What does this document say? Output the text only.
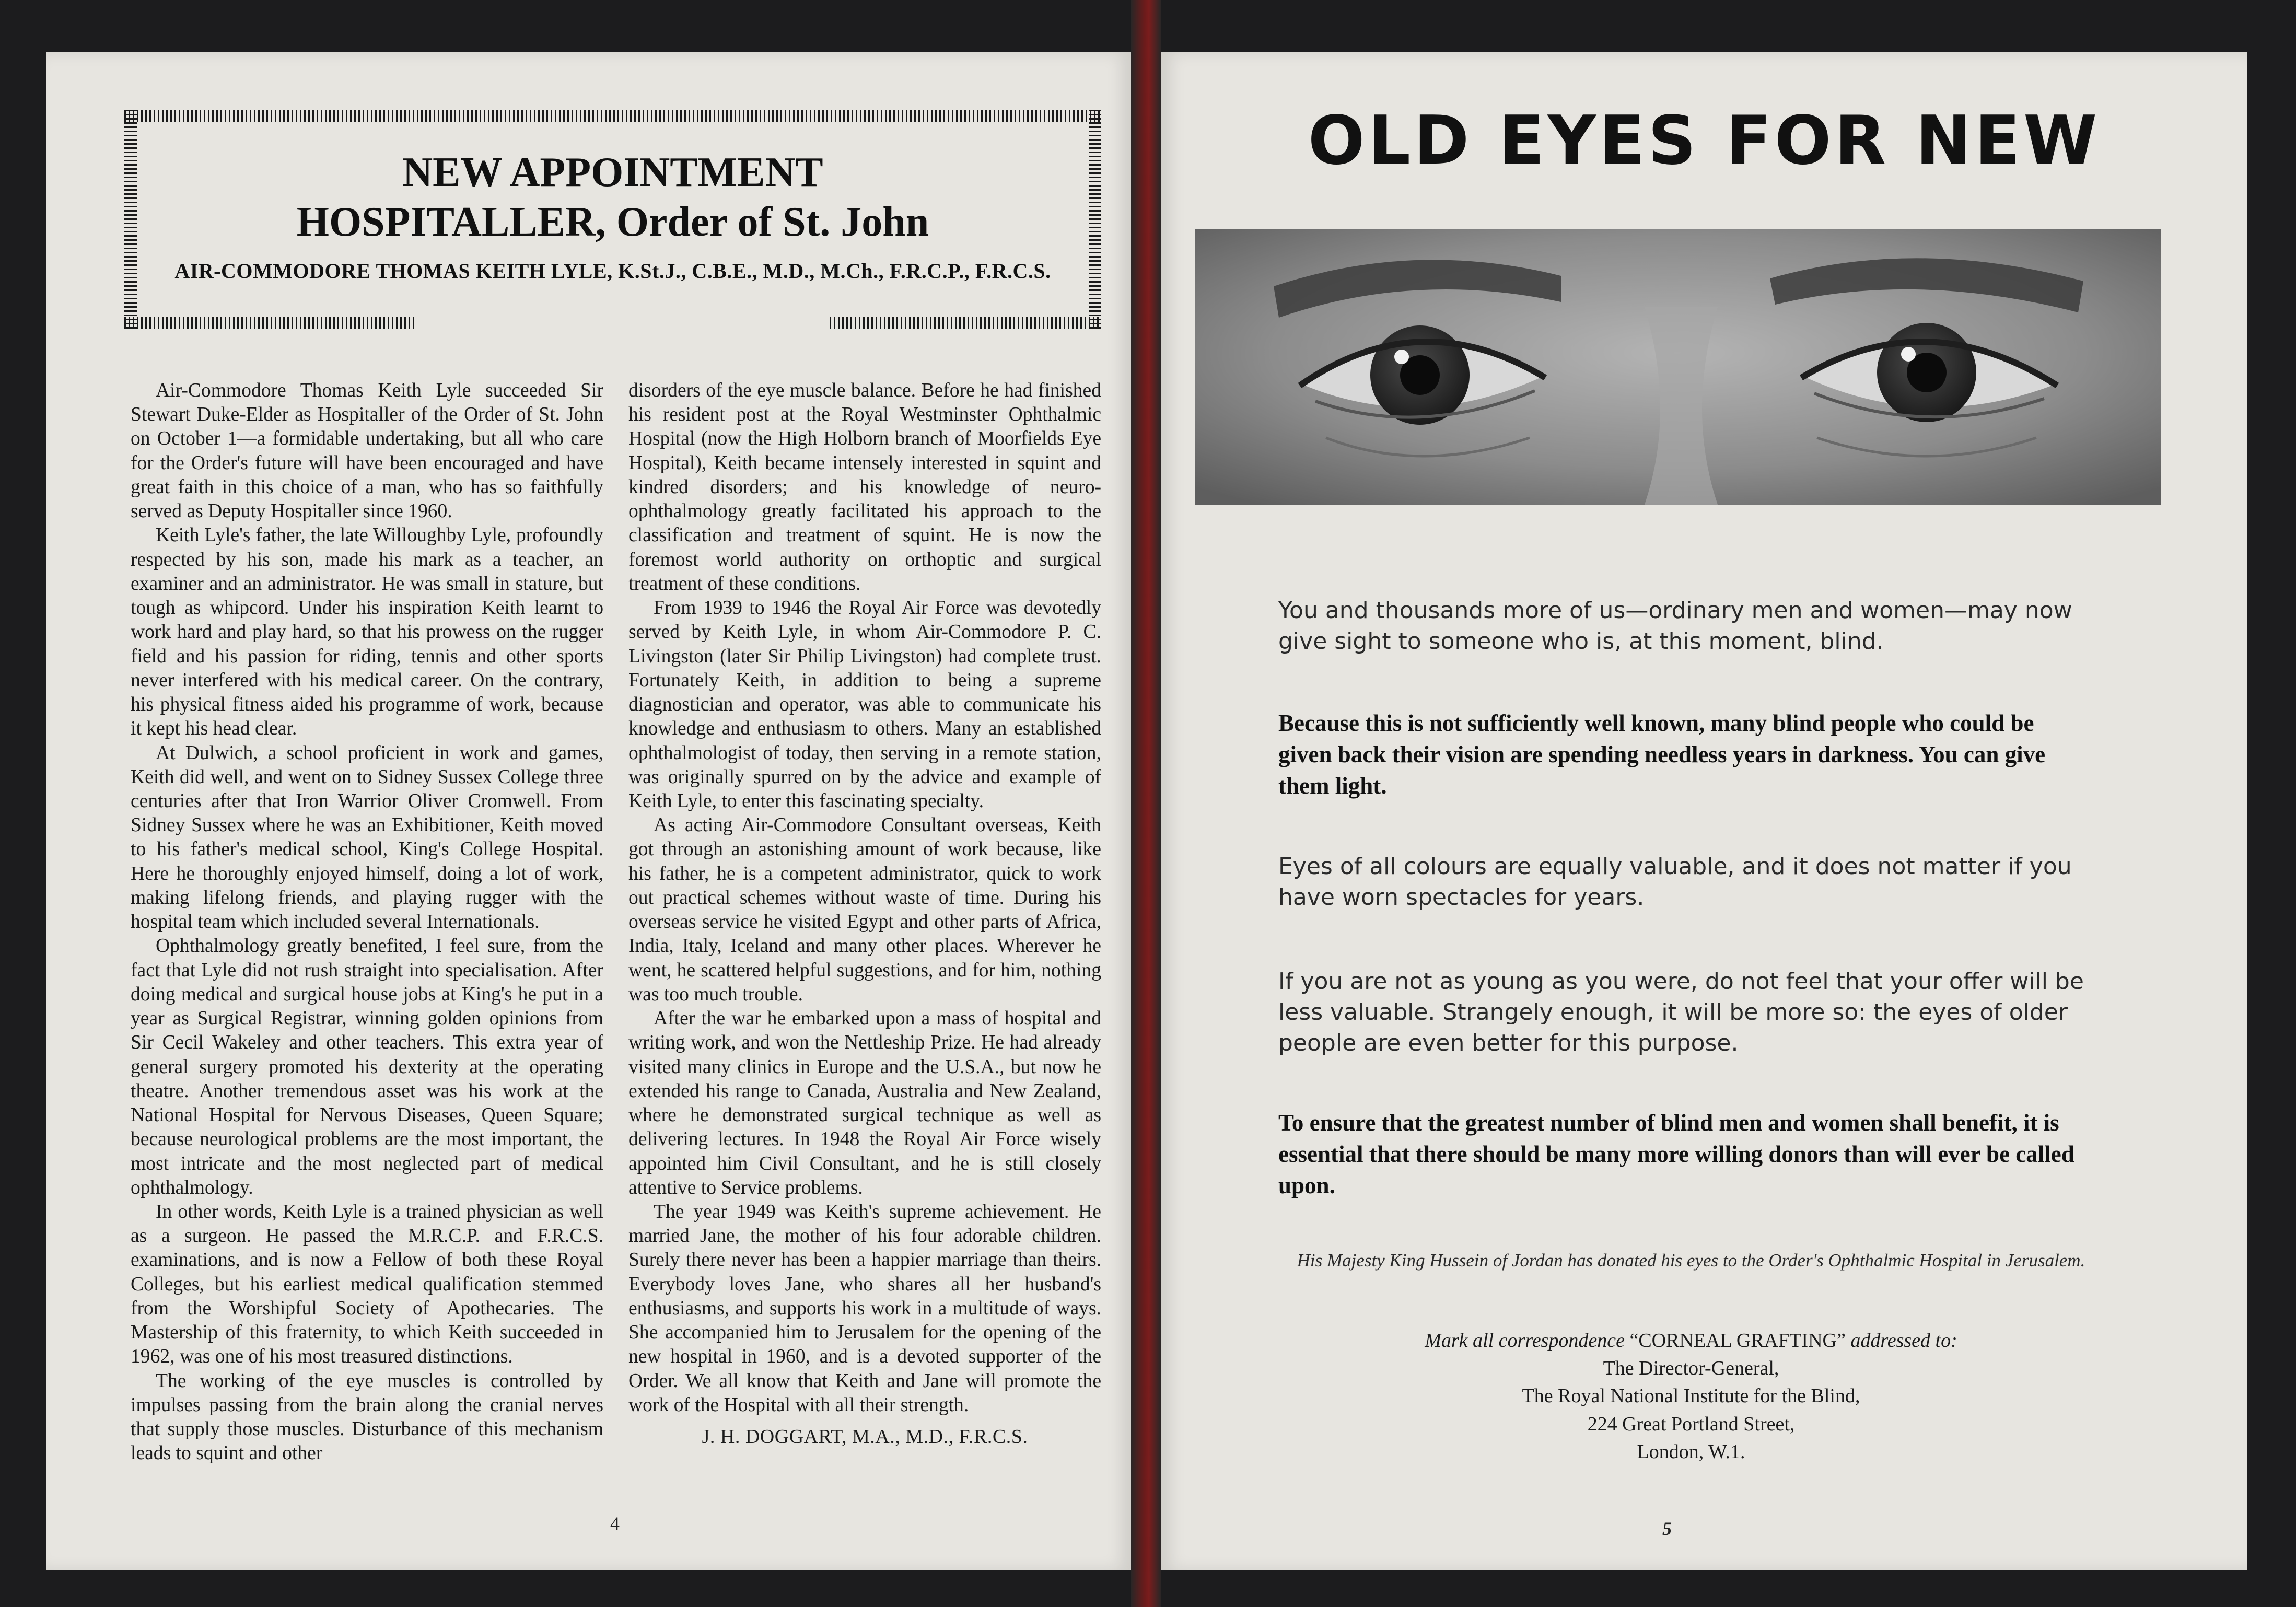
NEW APPOINTMENT
HOSPITALLER, Order of St. John
AIR-COMMODORE THOMAS KEITH LYLE, K.St.J., C.B.E., M.D., M.Ch., F.R.C.P., F.R.C.S.

Air-Commodore Thomas Keith Lyle succeeded Sir Stewart Duke-Elder as Hospitaller of the Order of St. John on October 1—a formidable undertaking, but all who care for the Order's future will have been encouraged and have great faith in this choice of a man, who has so faithfully served as Deputy Hospitaller since 1960.

Keith Lyle's father, the late Willoughby Lyle, profoundly respected by his son, made his mark as a teacher, an examiner and an administrator. He was small in stature, but tough as whipcord. Under his inspiration Keith learnt to work hard and play hard, so that his prowess on the rugger field and his passion for riding, tennis and other sports never interfered with his medical career. On the contrary, his physical fitness aided his programme of work, because it kept his head clear.

At Dulwich, a school proficient in work and games, Keith did well, and went on to Sidney Sussex College three centuries after that Iron Warrior Oliver Cromwell. From Sidney Sussex where he was an Exhibitioner, Keith moved to his father's medical school, King's College Hospital. Here he thoroughly enjoyed himself, doing a lot of work, making lifelong friends, and playing rugger with the hospital team which included several Internationals.

Ophthalmology greatly benefited, I feel sure, from the fact that Lyle did not rush straight into specialisation. After doing medical and surgical house jobs at King's he put in a year as Surgical Registrar, winning golden opinions from Sir Cecil Wakeley and other teachers. This extra year of general surgery promoted his dexterity at the operating theatre. Another tremendous asset was his work at the National Hospital for Nervous Diseases, Queen Square; because neurological problems are the most important, the most intricate and the most neglected part of medical ophthalmology.

In other words, Keith Lyle is a trained physician as well as a surgeon. He passed the M.R.C.P. and F.R.C.S. examinations, and is now a Fellow of both these Royal Colleges, but his earliest medical qualification stemmed from the Worshipful Society of Apothecaries. The Mastership of this fraternity, to which Keith succeeded in 1962, was one of his most treasured distinctions.

The working of the eye muscles is controlled by impulses passing from the brain along the cranial nerves that supply those muscles. Disturbance of this mechanism leads to squint and other

disorders of the eye muscle balance. Before he had finished his resident post at the Royal Westminster Ophthalmic Hospital (now the High Holborn branch of Moorfields Eye Hospital), Keith became intensely interested in squint and kindred disorders; and his knowledge of neuro-ophthalmology greatly facilitated his approach to the classification and treatment of squint. He is now the foremost world authority on orthoptic and surgical treatment of these conditions.

From 1939 to 1946 the Royal Air Force was devotedly served by Keith Lyle, in whom Air-Commodore P. C. Livingston (later Sir Philip Livingston) had complete trust. Fortunately Keith, in addition to being a supreme diagnostician and operator, was able to communicate his knowledge and enthusiasm to others. Many an established ophthalmologist of today, then serving in a remote station, was originally spurred on by the advice and example of Keith Lyle, to enter this fascinating specialty.

As acting Air-Commodore Consultant overseas, Keith got through an astonishing amount of work because, like his father, he is a competent administrator, quick to work out practical schemes without waste of time. During his overseas service he visited Egypt and other parts of Africa, India, Italy, Iceland and many other places. Wherever he went, he scattered helpful suggestions, and for him, nothing was too much trouble.

After the war he embarked upon a mass of hospital and writing work, and won the Nettleship Prize. He had already visited many clinics in Europe and the U.S.A., but now he extended his range to Canada, Australia and New Zealand, where he demonstrated surgical technique as well as delivering lectures. In 1948 the Royal Air Force wisely appointed him Civil Consultant, and he is still closely attentive to Service problems.

The year 1949 was Keith's supreme achievement. He married Jane, the mother of his four adorable children. Surely there never has been a happier marriage than theirs. Everybody loves Jane, who shares all her husband's enthusiasms, and supports his work in a multitude of ways. She accompanied him to Jerusalem for the opening of the new hospital in 1960, and is a devoted supporter of the Order. We all know that Keith and Jane will promote the work of the Hospital with all their strength.

J. H. DOGGART, M.A., M.D., F.R.C.S.
4
OLD EYES FOR NEW
You and thousands more of us—ordinary men and women—may now give sight to someone who is, at this moment, blind.
Because this is not sufficiently well known, many blind people who could be given back their vision are spending needless years in darkness. You can give them light.
Eyes of all colours are equally valuable, and it does not matter if you have worn spectacles for years.
If you are not as young as you were, do not feel that your offer will be less valuable. Strangely enough, it will be more so: the eyes of older people are even better for this purpose.
To ensure that the greatest number of blind men and women shall benefit, it is essential that there should be many more willing donors than will ever be called upon.
His Majesty King Hussein of Jordan has donated his eyes to the Order's Ophthalmic Hospital in Jerusalem.
Mark all correspondence “CORNEAL GRAFTING” addressed to:
The Director-General,
The Royal National Institute for the Blind,
224 Great Portland Street,
London, W.1.
5
